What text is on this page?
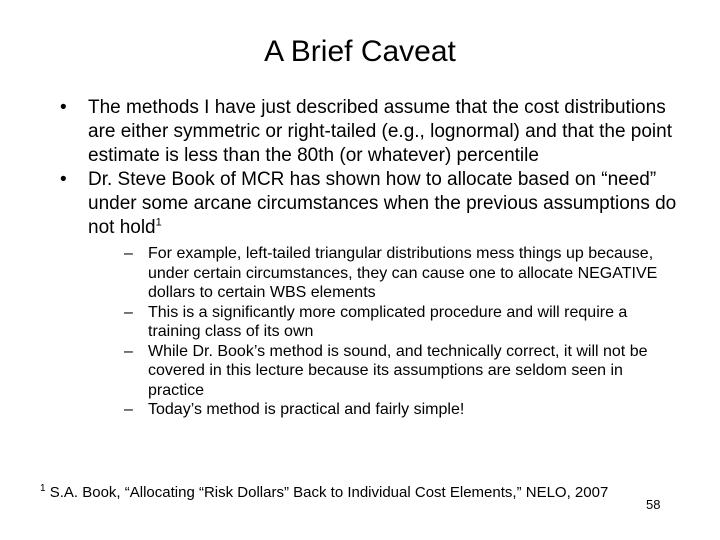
A Brief Caveat
• The methods I have just described assume that the cost distributions are either symmetric or right-tailed (e.g., lognormal) and that the point estimate is less than the 80th (or whatever) percentile
• Dr. Steve Book of MCR has shown how to allocate based on “need” under some arcane circumstances when the previous assumptions do not hold$^1$
– For example, left-tailed triangular distributions mess things up because, under certain circumstances, they can cause one to allocate NEGATIVE dollars to certain WBS elements
– This is a significantly more complicated procedure and will require a training class of its own
– While Dr. Book’s method is sound, and technically correct, it will not be covered in this lecture because its assumptions are seldom seen in practice
– Today’s method is practical and fairly simple!
$^1$ S.A. Book, “Allocating “Risk Dollars” Back to Individual Cost Elements,” NELO, 2007
58
